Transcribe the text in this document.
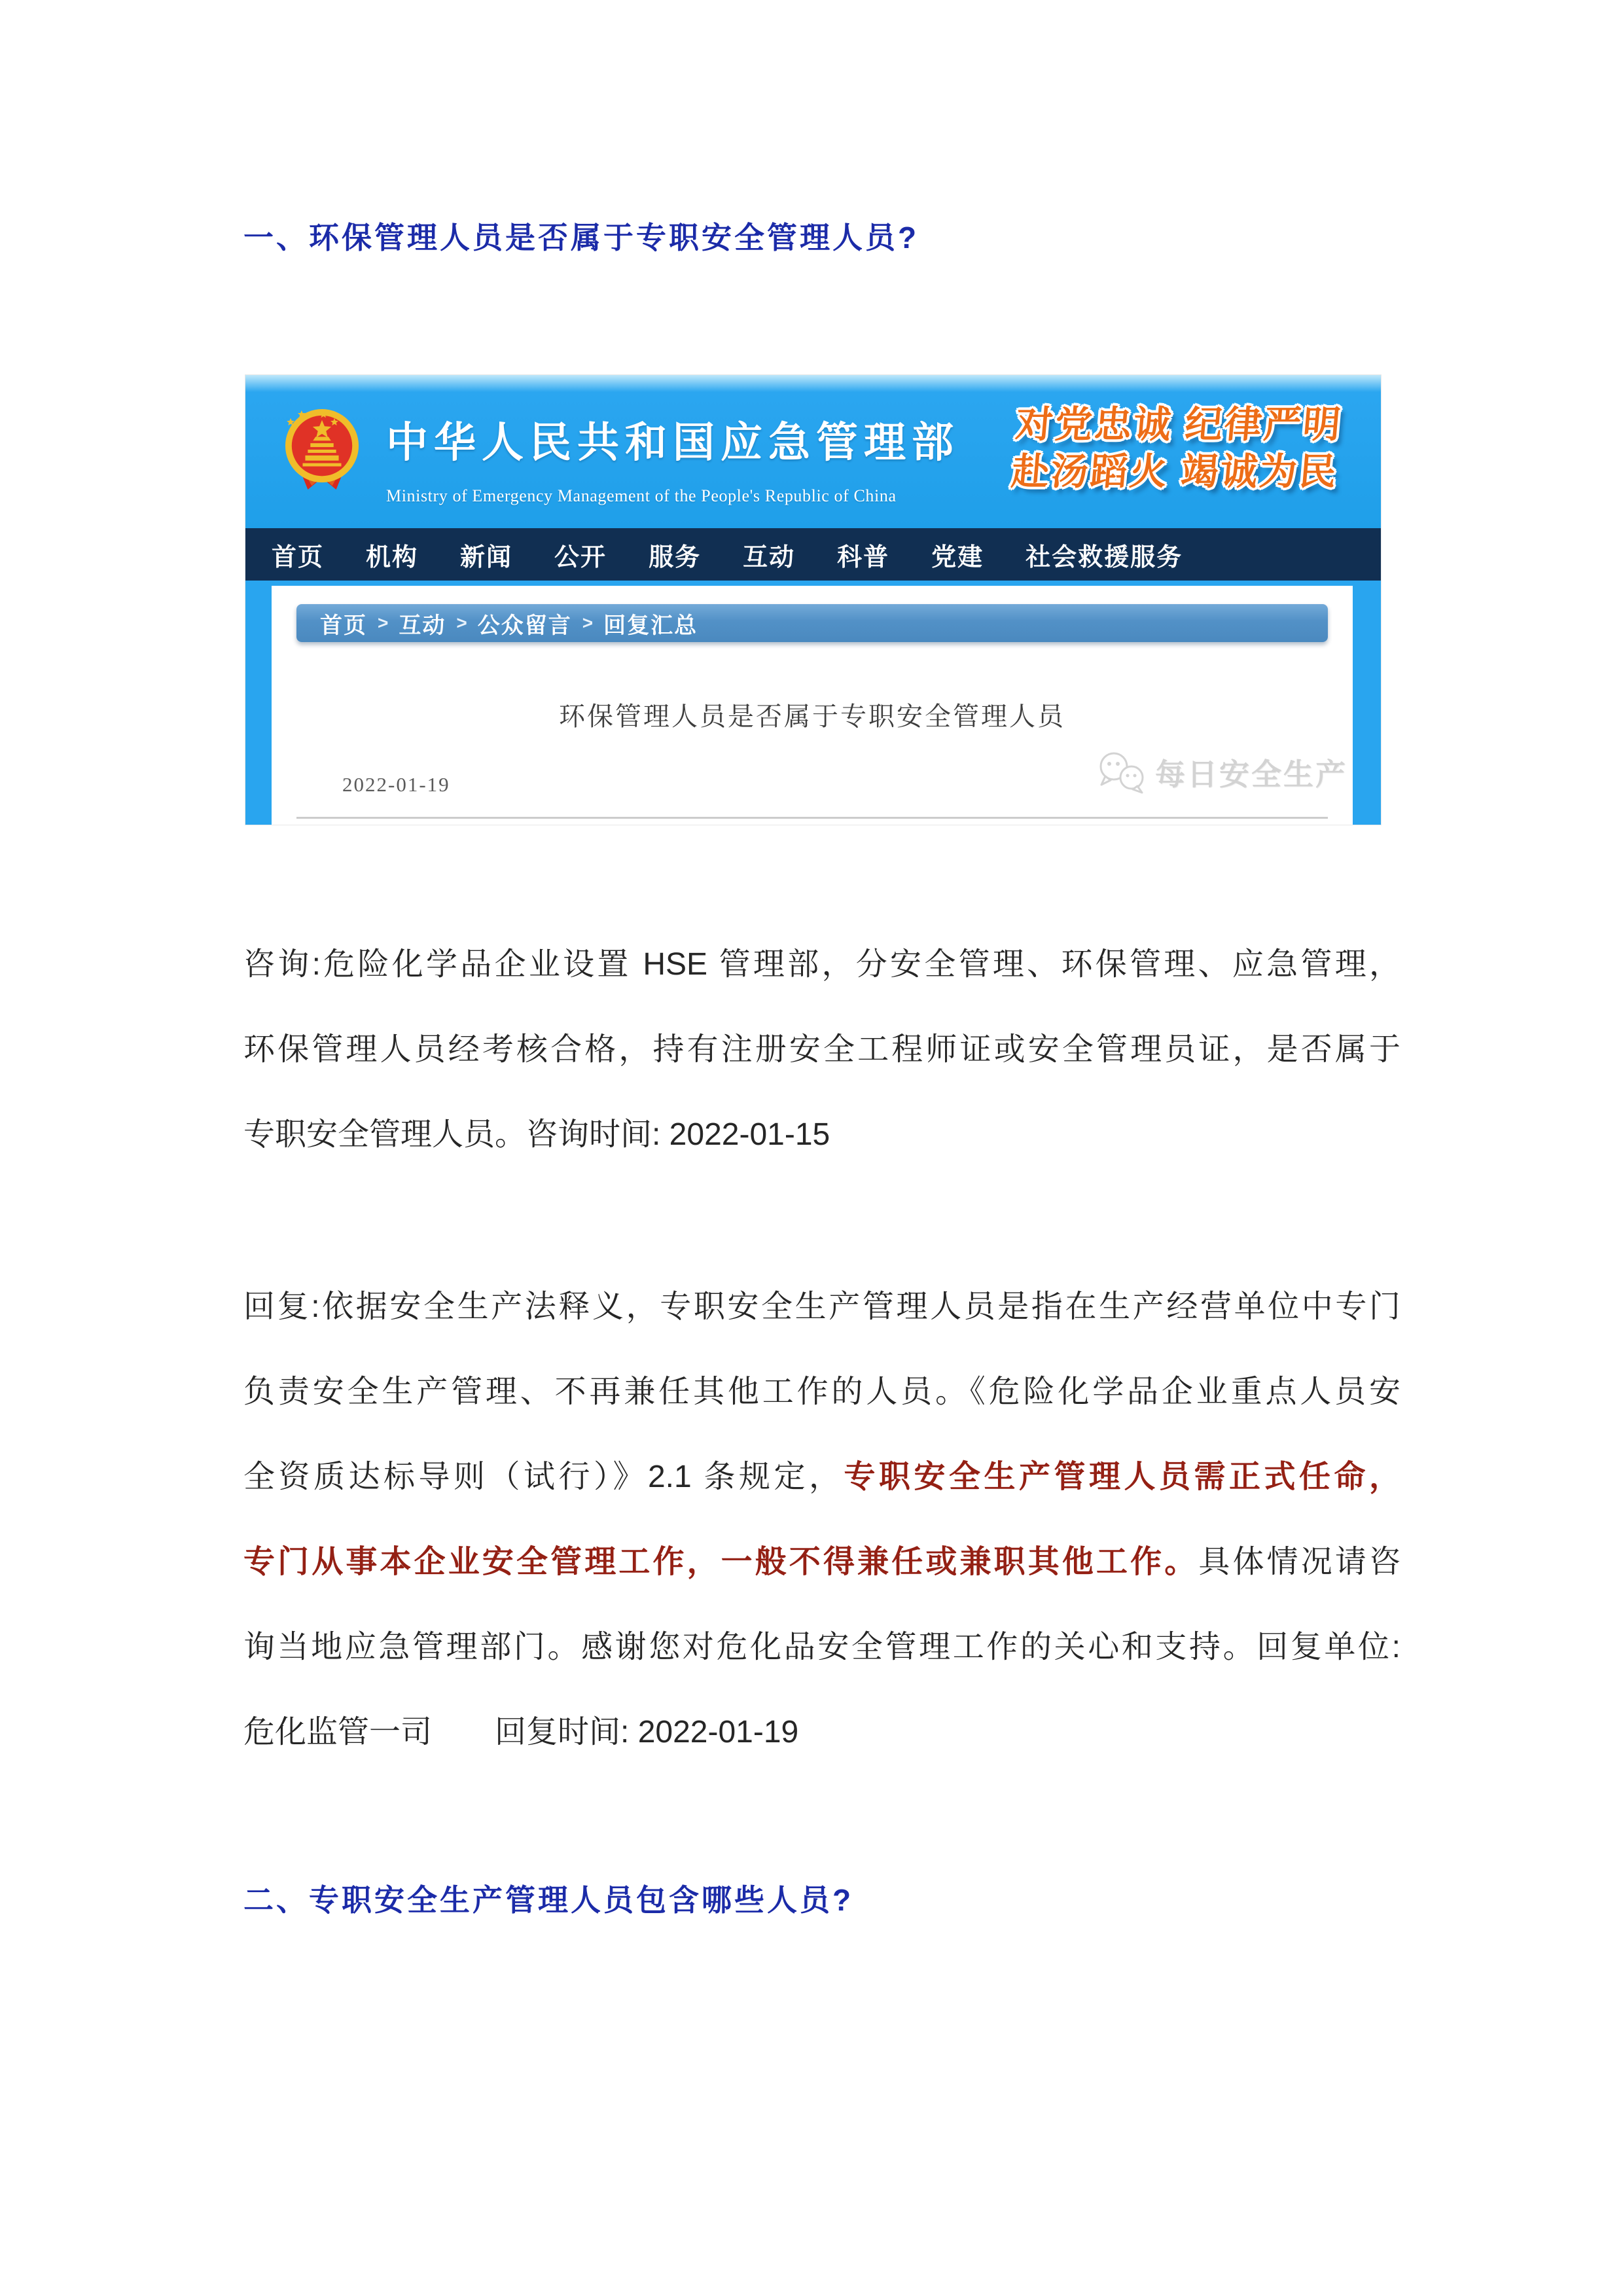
一、环保管理人员是否属于专职安全管理人员?
中华人民共和国应急管理部
Ministry of Emergency Management of the People's Republic of China
对党忠诚 纪律严明
赴汤蹈火 竭诚为民
首页 机构 新闻 公开 服务 互动 科普 党建 社会救援服务
首页 > 互动 > 公众留言 > 回复汇总
环保管理人员是否属于专职安全管理人员
2022-01-19	每日安全生产
咨询:危险化学品企业设置 HSE 管理部，分安全管理、环保管理、应急管理，
环保管理人员经考核合格，持有注册安全工程师证或安全管理员证，是否属于
专职安全管理人员。咨询时间: 2022-01-15
回复:依据安全生产法释义，专职安全生产管理人员是指在生产经营单位中专门
负责安全生产管理、不再兼任其他工作的人员。《危险化学品企业重点人员安
全资质达标导则（试行）》2.1 条规定，专职安全生产管理人员需正式任命，
专门从事本企业安全管理工作，一般不得兼任或兼职其他工作。具体情况请咨
询当地应急管理部门。感谢您对危化品安全管理工作的关心和支持。回复单位:
危化监管一司 回复时间: 2022-01-19
二、专职安全生产管理人员包含哪些人员?
